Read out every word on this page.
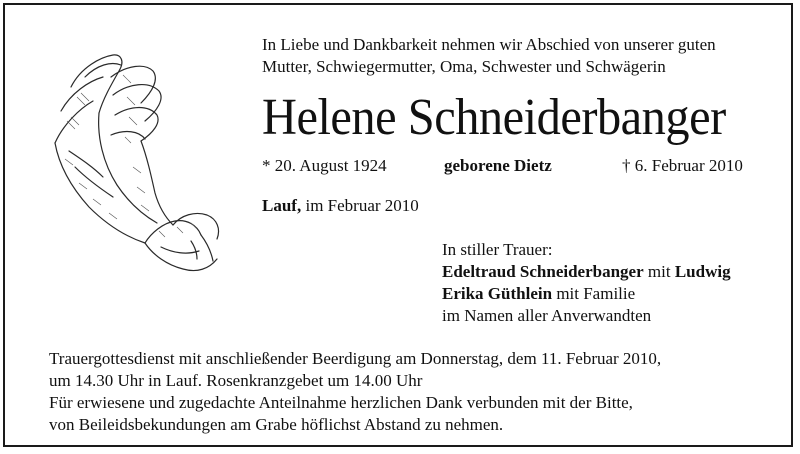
In Liebe und Dankbarkeit nehmen wir Abschied von unserer guten
Mutter, Schwiegermutter, Oma, Schwester und Schwägerin
Helene Schneiderbanger
* 20. August 1924	geborene Dietz	† 6. Februar 2010
Lauf, im Februar 2010
In stiller Trauer:
Edeltraud Schneiderbanger mit Ludwig
Erika Güthlein mit Familie
im Namen aller Anverwandten
Trauergottesdienst mit anschließender Beerdigung am Donnerstag, dem 11. Februar 2010,
um 14.30 Uhr in Lauf. Rosenkranzgebet um 14.00 Uhr
Für erwiesene und zugedachte Anteilnahme herzlichen Dank verbunden mit der Bitte,
von Beileidsbekundungen am Grabe höflichst Abstand zu nehmen.
